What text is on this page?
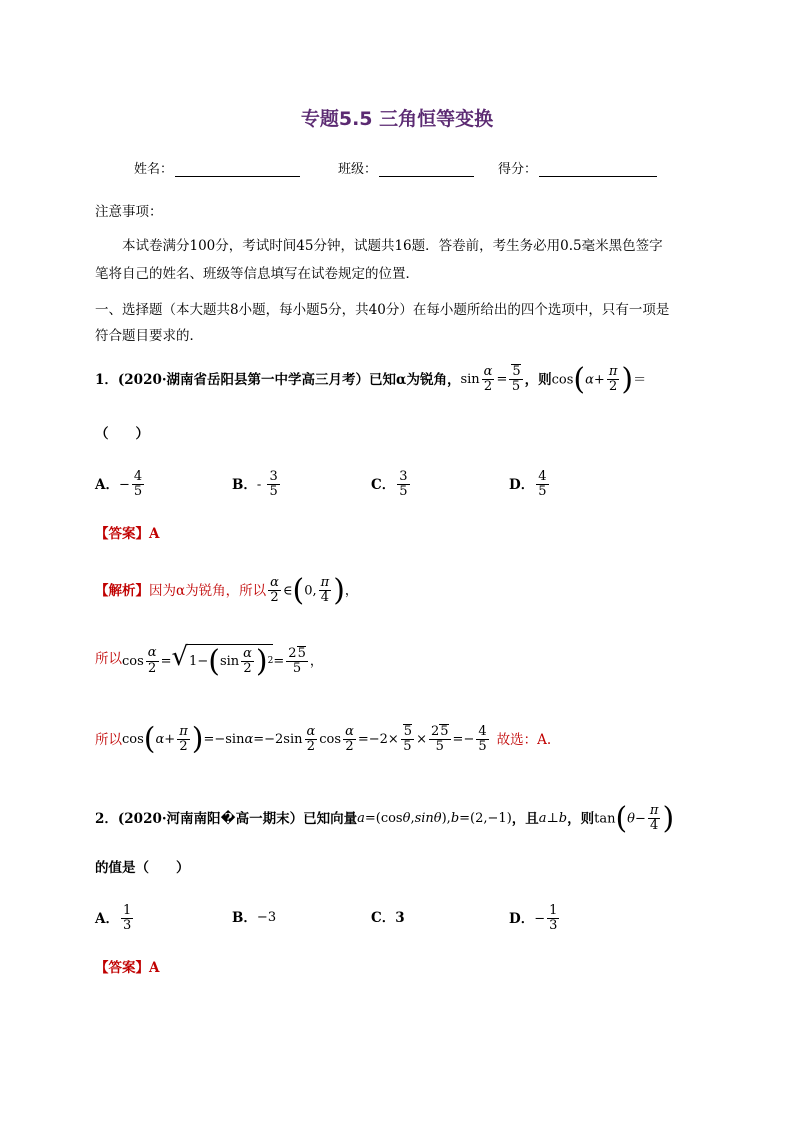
专题5.5 三角恒等变换
姓名：	班级：	得分：
注意事项：
本试卷满分100分，考试时间45分钟，试题共16题．答卷前，考生务必用0.5毫米黑色签字
笔将自己的姓名、班级等信息填写在试卷规定的位置．
一、选择题（本大题共8小题，每小题5分，共40分）在每小题所给出的四个选项中，只有一项是
符合题目要求的．
1．(2020·湖南省岳阳县第一中学高三月考）已知α为锐角， $\sin \frac{\alpha}{2} = \frac{5}{5}$ ，则 $\cos(\alpha+ \frac{\pi}{2}$ )＝
（　　）
A． − $\frac{4}{5}$	B． - $\frac{3}{5}$	C． $\frac{3}{5}$	D． $\frac{4}{5}$
【答案】A
【解析】 因为α为锐角，所以 $\frac{\alpha}{2}$ ∈(0, $\frac{\pi}{4}$ )，
所以 $\cos \frac{\alpha}{2} =√1-$ ( $\sin \frac{\alpha}{2}$ ) $2 = \frac{25}{5}$ ，
所以 $\cos(\alpha+ \frac{\pi}{2} )=-\sin\alpha=-2\sin \frac{\alpha}{2}$ $\cos \frac{\alpha}{2} =-2\times \frac{5}{5} \times \frac{25}{5} =- \frac{4}{5}$ 故选：A.
2．(2020·河南南阳�高一期末）已知向量 a=(cosθ,sinθ),b=(2,−1) ，且 a⊥b ，则 $\tan(\theta- \frac{\pi}{4}$ )
的值是（　　）
A． $\frac{1}{3}$	B． −3	C． 3	D． − $\frac{1}{3}$
【答案】A
